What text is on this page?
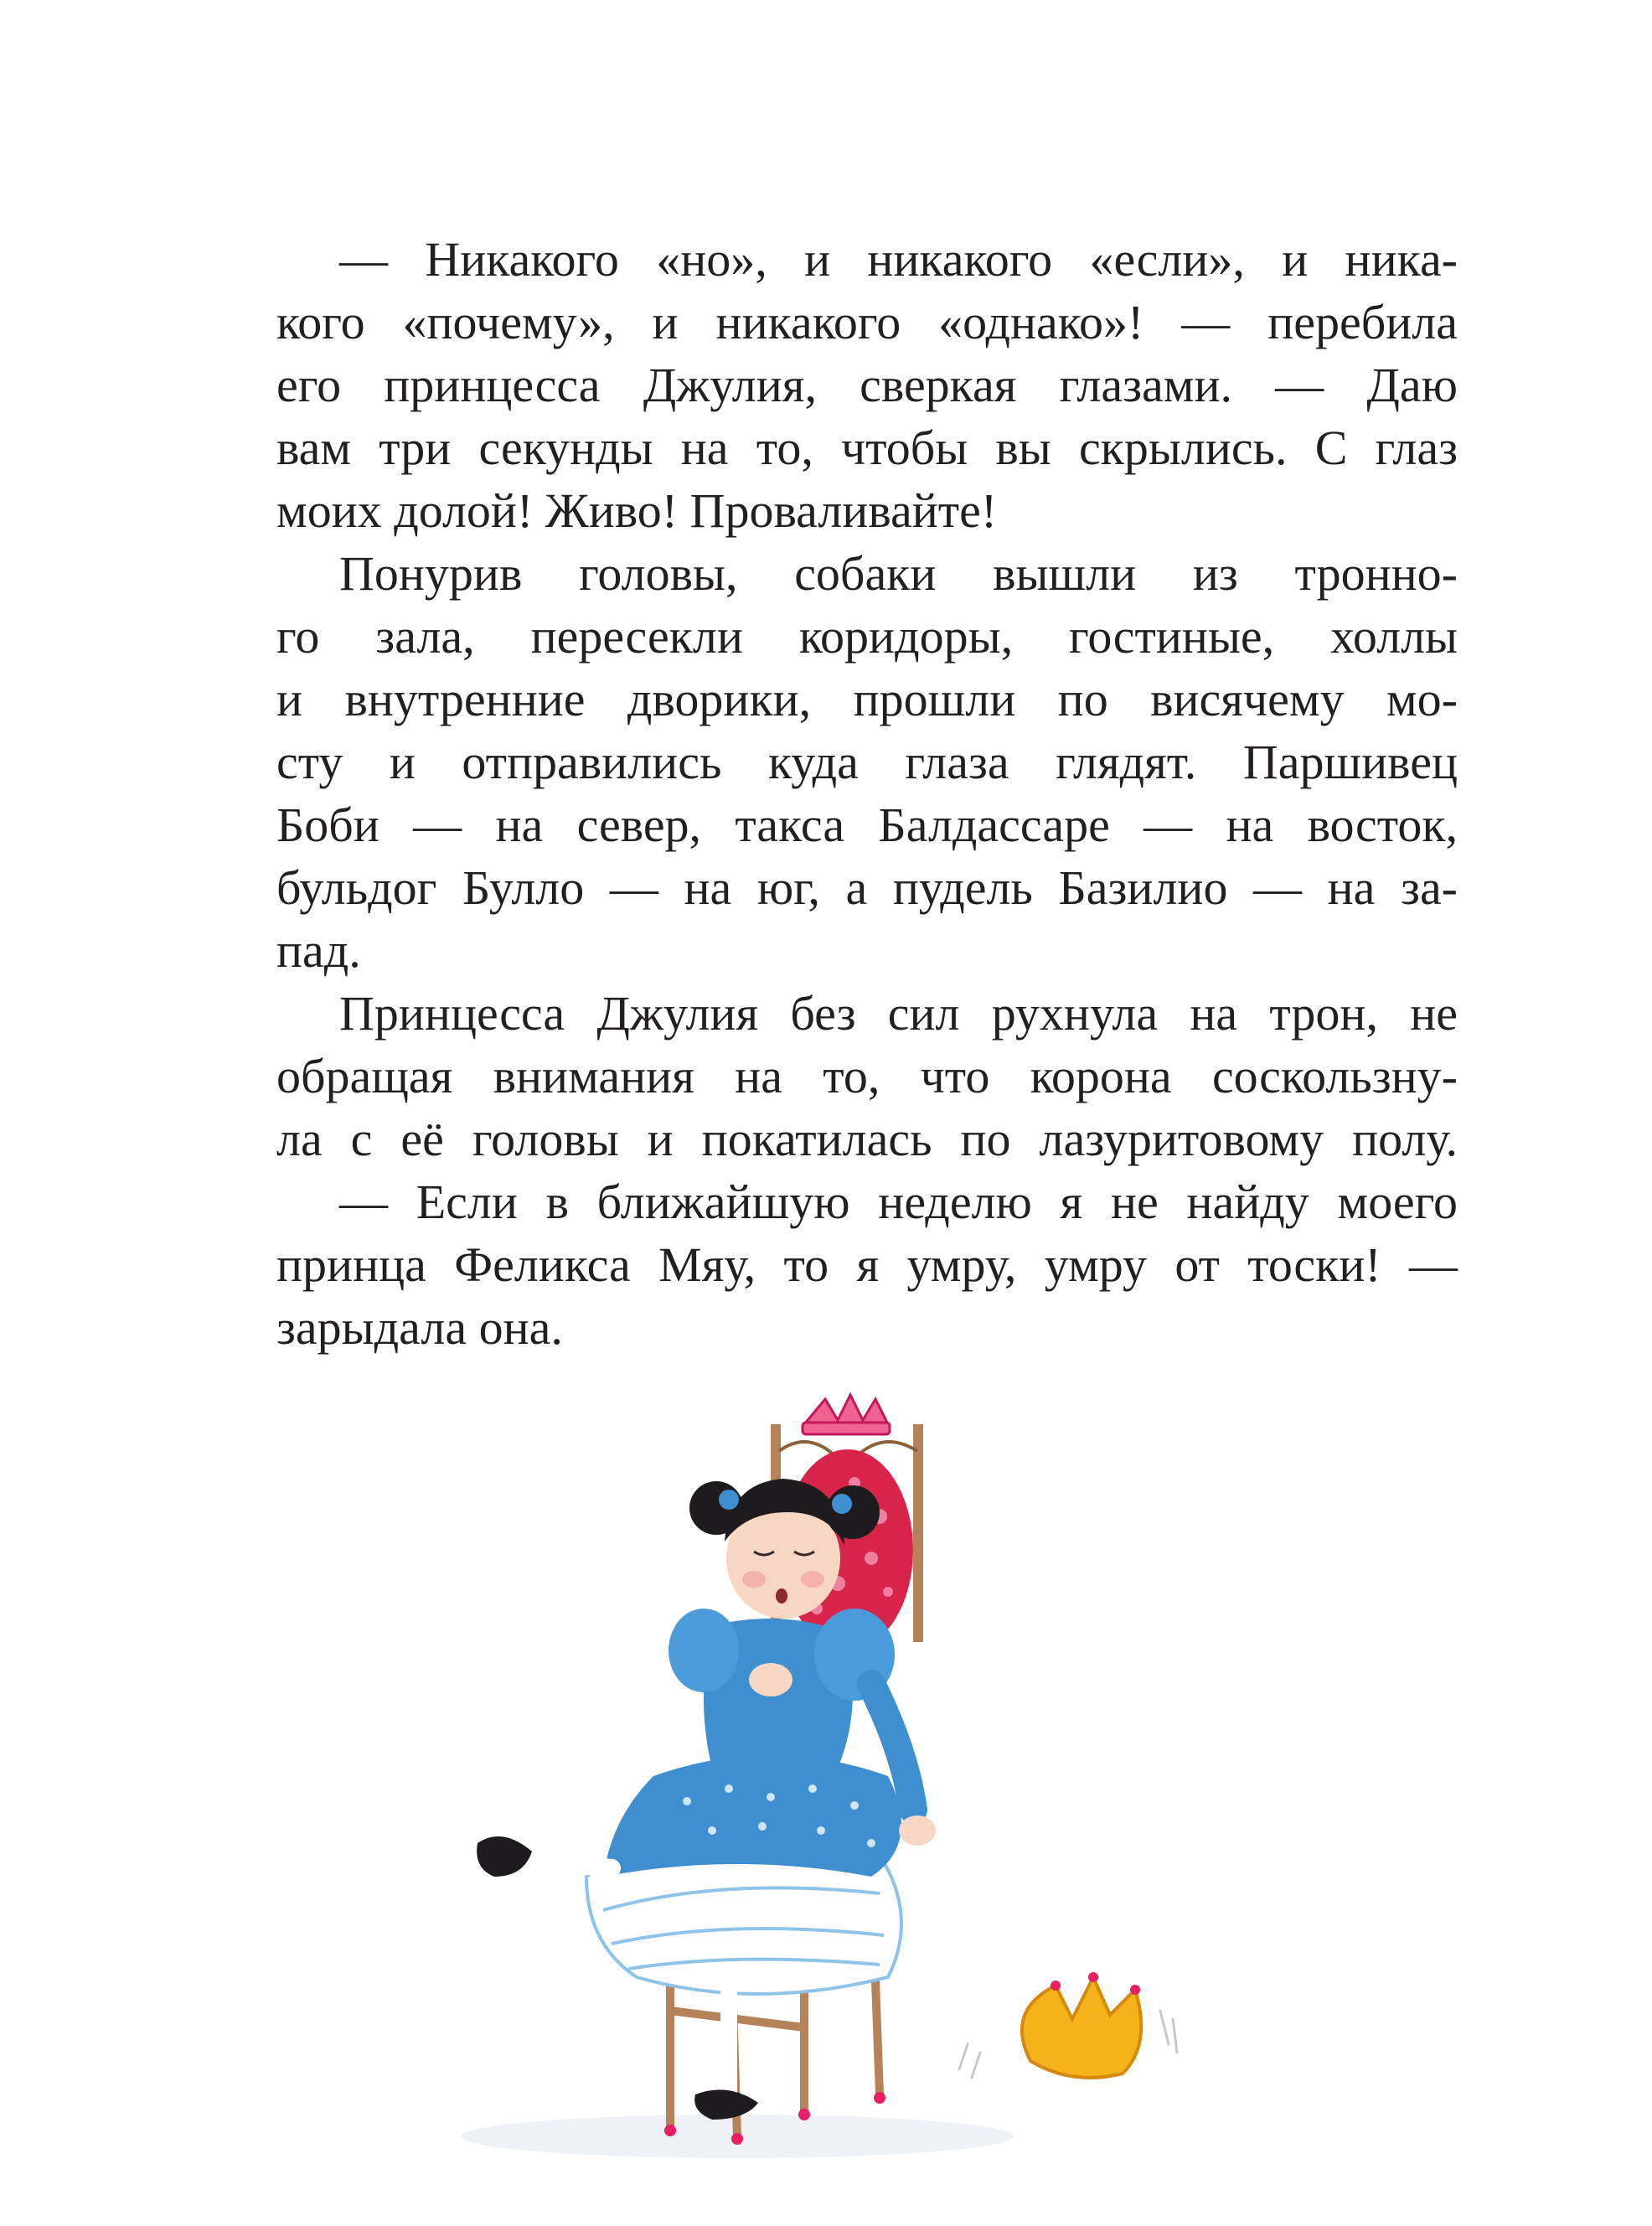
— Никакого «но», и никакого «если», и ника-
кого «почему», и никакого «однако»! — перебила
его принцесса Джулия, сверкая глазами. — Даю
вам три секунды на то, чтобы вы скрылись. С глаз
моих долой! Живо! Проваливайте!

Понурив головы, собаки вышли из тронно-
го зала, пересекли коридоры, гостиные, холлы
и внутренние дворики, прошли по висячему мо-
сту и отправились куда глаза глядят. Паршивец
Боби — на север, такса Балдассаре — на восток,
бульдог Булло — на юг, а пудель Базилио — на за-
пад.

Принцесса Джулия без сил рухнула на трон, не
обращая внимания на то, что корона соскользну-
ла с её головы и покатилась по лазуритовому полу.

— Если в ближайшую неделю я не найду моего
принца Феликса Мяу, то я умру, умру от тоски! —
зарыдала она.
